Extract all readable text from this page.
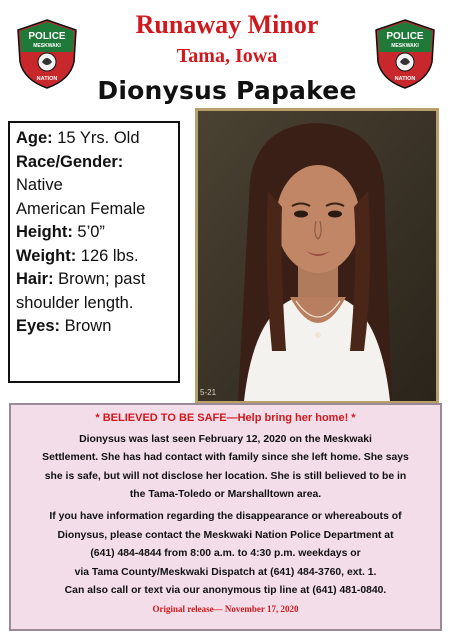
POLICE
MESKWAKI
NATION
POLICE
MESKWAKI
NATION
Runaway Minor
Tama, Iowa
Dionysus Papakee

Age: 15 Yrs. Old

Race/Gender:

Native

American Female

Height: 5’0”

Weight: 126 lbs.

Hair: Brown; past

shoulder length.

Eyes: Brown

5-21

* BELIEVED TO BE SAFE—Help bring her home! *

Dionysus was last seen February 12, 2020 on the Meskwaki

Settlement. She has had contact with family since she left home. She says

she is safe, but will not disclose her location. She is still believed to be in

the Tama-Toledo or Marshalltown area.

If you have information regarding the disappearance or whereabouts of

Dionysus, please contact the Meskwaki Nation Police Department at

(641) 484-4844 from 8:00 a.m. to 4:30 p.m. weekdays or

via Tama County/Meskwaki Dispatch at (641) 484-3760, ext. 1.

Can also call or text via our anonymous tip line at (641) 481-0840.

Original release— November 17, 2020
